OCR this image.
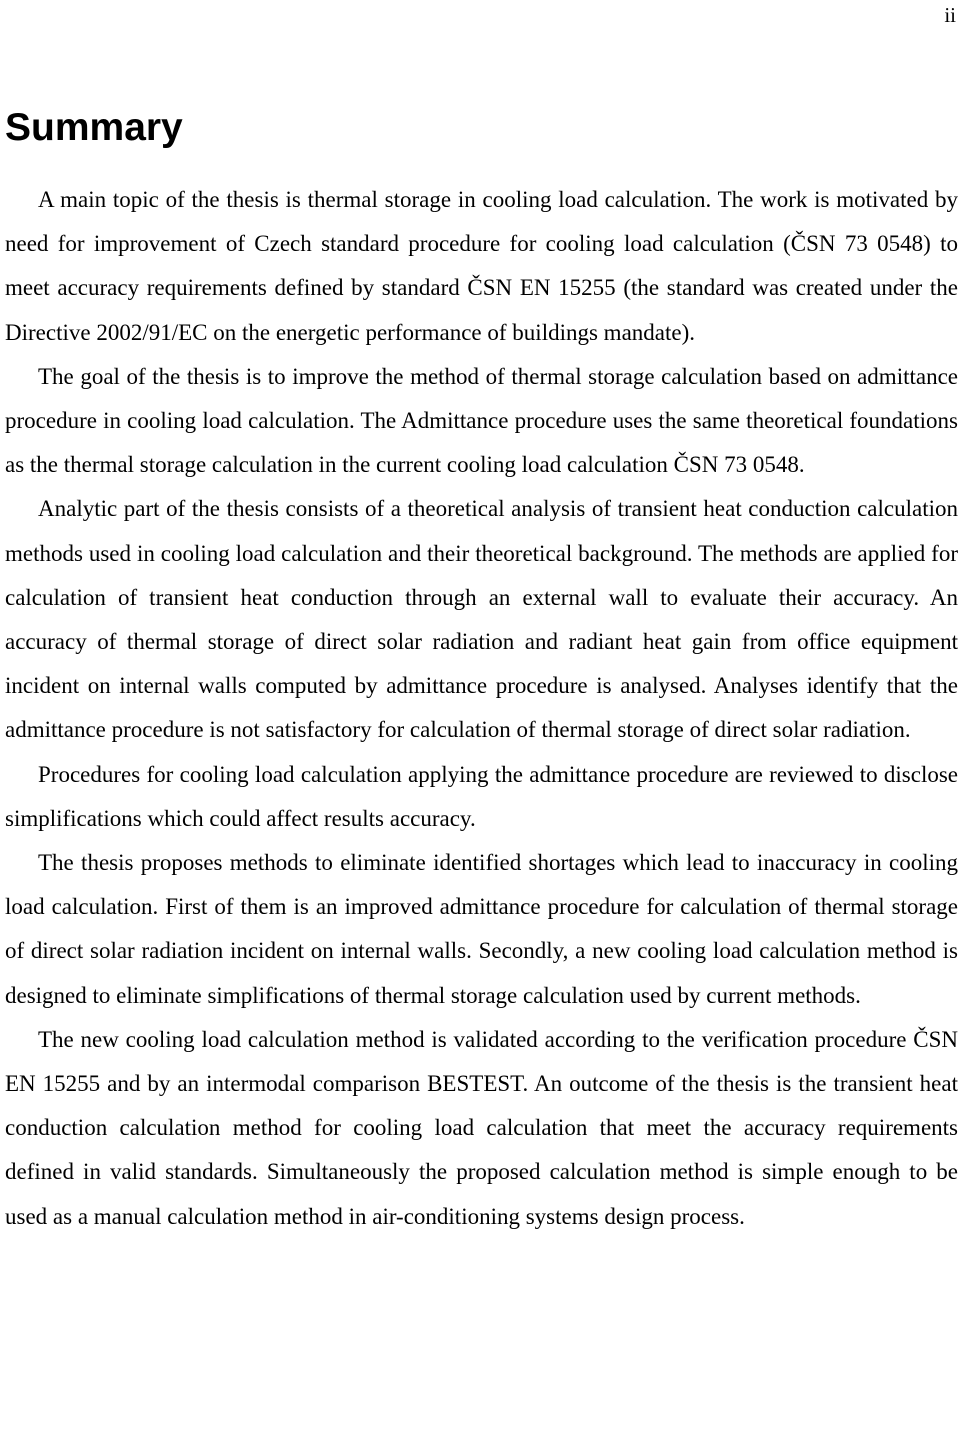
ii
Summary

A main topic of the thesis is thermal storage in cooling load calculation. The work is motivated by need for improvement of Czech standard procedure for cooling load calculation (ČSN 73 0548) to meet accuracy requirements defined by standard ČSN EN 15255 (the standard was created under the Directive 2002/91/EC on the energetic performance of buildings mandate).

The goal of the thesis is to improve the method of thermal storage calculation based on admittance procedure in cooling load calculation. The Admittance procedure uses the same theoretical foundations as the thermal storage calculation in the current cooling load calculation ČSN 73 0548.

Analytic part of the thesis consists of a theoretical analysis of transient heat conduction calculation methods used in cooling load calculation and their theoretical background. The methods are applied for calculation of transient heat conduction through an external wall to evaluate their accuracy. An accuracy of thermal storage of direct solar radiation and radiant heat gain from office equipment incident on internal walls computed by admittance procedure is analysed. Analyses identify that the admittance procedure is not satisfactory for calculation of thermal storage of direct solar radiation.

Procedures for cooling load calculation applying the admittance procedure are reviewed to disclose simplifications which could affect results accuracy.

The thesis proposes methods to eliminate identified shortages which lead to inaccuracy in cooling load calculation. First of them is an improved admittance procedure for calculation of thermal storage of direct solar radiation incident on internal walls. Secondly, a new cooling load calculation method is designed to eliminate simplifications of thermal storage calculation used by current methods.

The new cooling load calculation method is validated according to the verification procedure ČSN EN 15255 and by an intermodal comparison BESTEST. An outcome of the thesis is the transient heat conduction calculation method for cooling load calculation that meet the accuracy requirements defined in valid standards. Simultaneously the proposed calculation method is simple enough to be used as a manual calculation method in air-conditioning systems design process.
